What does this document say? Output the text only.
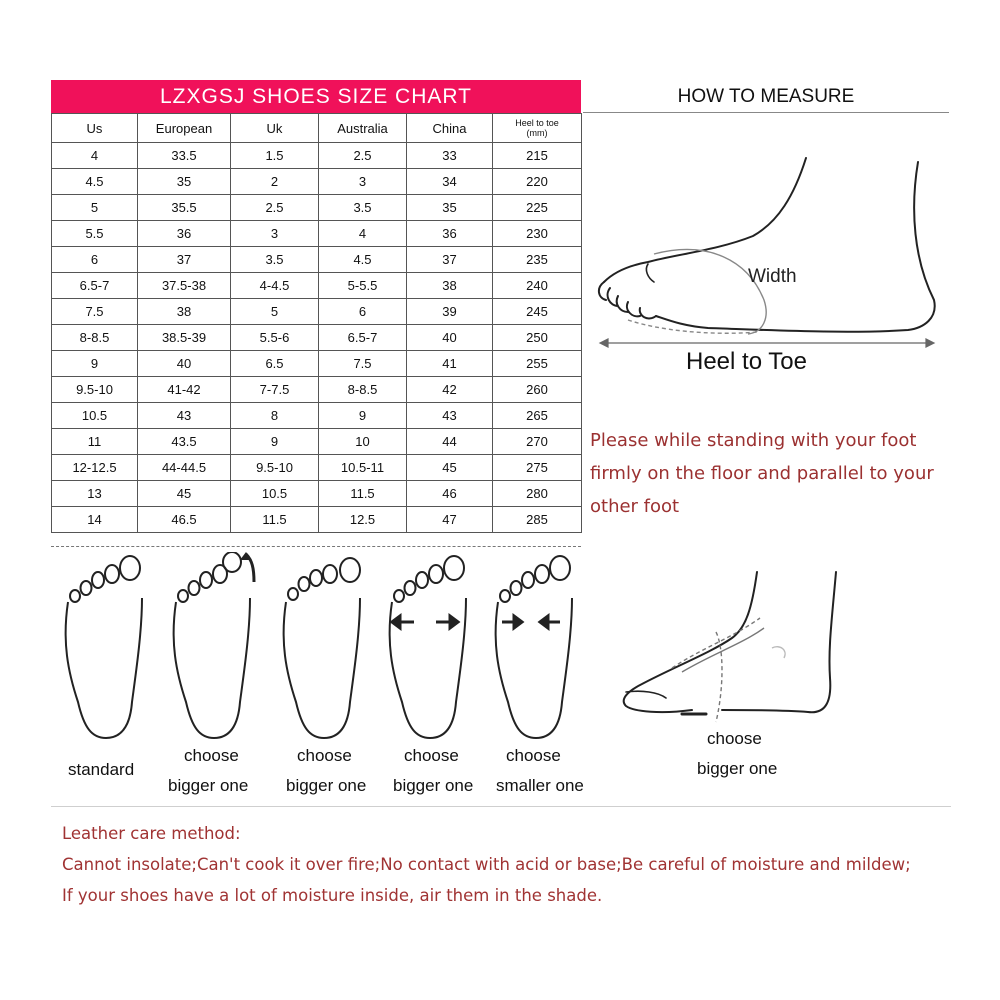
LZXGSJ SHOES SIZE CHART
Us	European	Uk	Australia	China	Heel to toe
(mm)
4	33.5	1.5	2.5	33	215
4.5	35	2	3	34	220
5	35.5	2.5	3.5	35	225
5.5	36	3	4	36	230
6	37	3.5	4.5	37	235
6.5-7	37.5-38	4-4.5	5-5.5	38	240
7.5	38	5	6	39	245
8-8.5	38.5-39	5.5-6	6.5-7	40	250
9	40	6.5	7.5	41	255
9.5-10	41-42	7-7.5	8-8.5	42	260
10.5	43	8	9	43	265
11	43.5	9	10	44	270
12-12.5	44-44.5	9.5-10	10.5-11	45	275
13	45	10.5	11.5	46	280
14	46.5	11.5	12.5	47	285
HOW TO MEASURE
Width
Heel to Toe
Please while standing with your foot firmly on the floor and parallel to your other foot
standard
choose
bigger one
choose
bigger one
choose
bigger one
choose
smaller one
choose
bigger one
Leather care method:
Cannot insolate;Can't cook it over fire;No contact with acid or base;Be careful of moisture and mildew;
If your shoes have a lot of moisture inside, air them in the shade.
